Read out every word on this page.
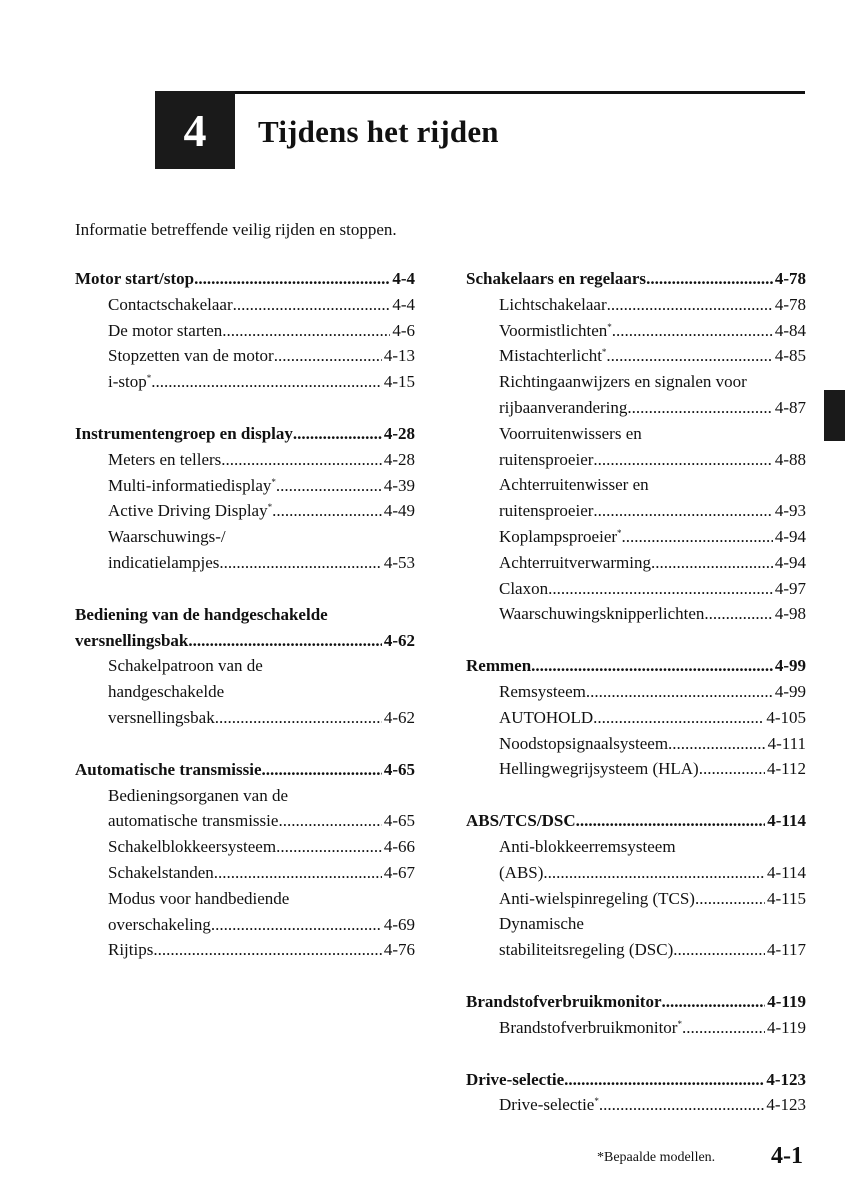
4 Tijdens het rijden
Informatie betreffende veilig rijden en stoppen.
Motor start/stop .....	4-4
Contactschakelaar .....	4-4
De motor starten .....	4-6
Stopzetten van de motor .....	4-13
i-stop* .....	4-15
Instrumentengroep en display .....	4-28
Meters en tellers .....	4-28
Multi-informatiedisplay* .....	4-39
Active Driving Display* .....	4-49
Waarschuwings-/
indicatielampjes .....	4-53
Bediening van de handgeschakelde
versnellingsbak .....	4-62
Schakelpatroon van de
handgeschakelde
versnellingsbak .....	4-62
Automatische transmissie .....	4-65
Bedieningsorganen van de
automatische transmissie .....	4-65
Schakelblokkeersysteem .....	4-66
Schakelstanden .....	4-67
Modus voor handbediende
overschakeling .....	4-69
Rijtips .....	4-76
Schakelaars en regelaars .....	4-78
Lichtschakelaar .....	4-78
Voormistlichten* .....	4-84
Mistachterlicht* .....	4-85
Richtingaanwijzers en signalen voor
rijbaanverandering .....	4-87
Voorruitenwissers en
ruitensproeier .....	4-88
Achterruitenwisser en
ruitensproeier .....	4-93
Koplampsproeier* .....	4-94
Achterruitverwarming .....	4-94
Claxon .....	4-97
Waarschuwingsknipperlichten .....	4-98
Remmen .....	4-99
Remsysteem .....	4-99
AUTOHOLD .....	4-105
Noodstopsignaalsysteem .....	4-111
Hellingwegrijsysteem (HLA) .....	4-112
ABS/TCS/DSC .....	4-114
Anti-blokkeerremsysteem
(ABS) .....	4-114
Anti-wielspinregeling (TCS) .....	4-115
Dynamische
stabiliteitsregeling (DSC) .....	4-117
Brandstofverbruikmonitor .....	4-119
Brandstofverbruikmonitor* .....	4-119
Drive-selectie .....	4-123
Drive-selectie* .....	4-123
*Bepaalde modellen. 4-1
